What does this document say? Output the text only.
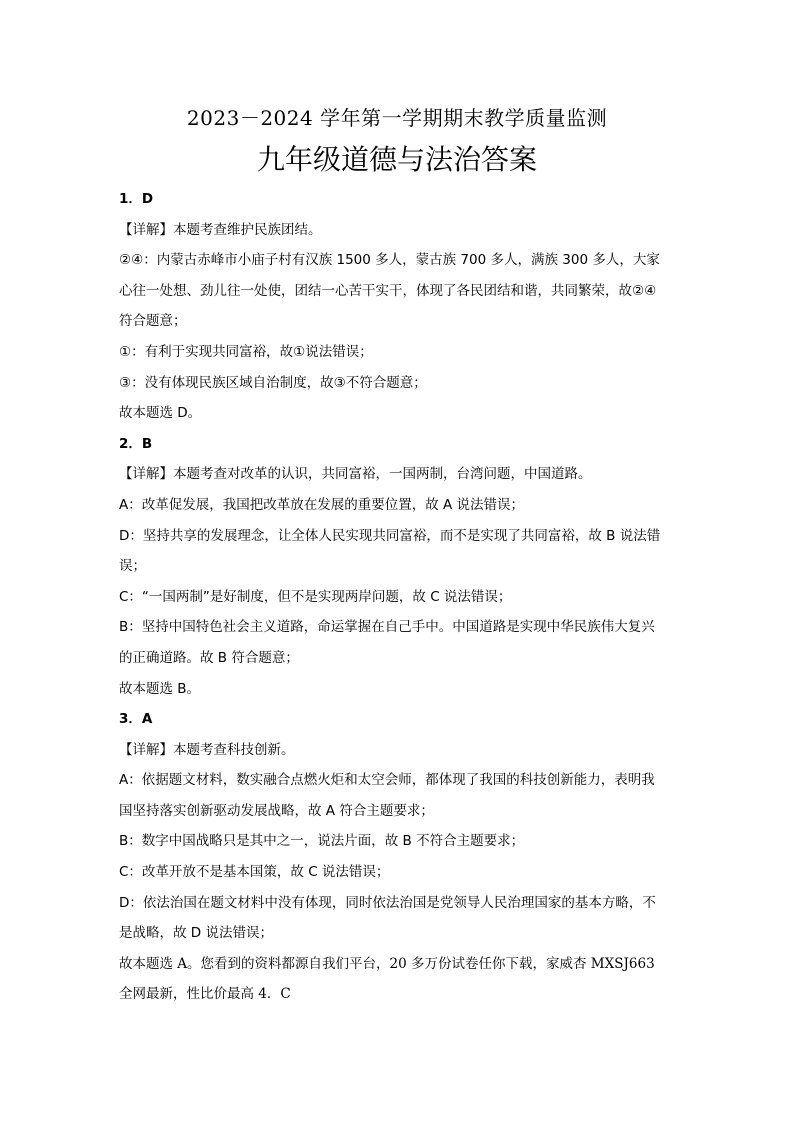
2023－2024 学年第一学期期末教学质量监测
九年级道德与法治答案
1．D
【详解】本题考查维护民族团结。
②④：内蒙古赤峰市小庙子村有汉族 1500 多人，蒙古族 700 多人，满族 300 多人，大家
心往一处想、劲儿往一处使，团结一心苦干实干，体现了各民团结和谐，共同繁荣，故②④
符合题意；
①：有利于实现共同富裕，故①说法错误；
③：没有体现民族区域自治制度，故③不符合题意；
故本题选 D。
2．B
【详解】本题考查对改革的认识，共同富裕，一国两制，台湾问题，中国道路。
A：改革促发展，我国把改革放在发展的重要位置，故 A 说法错误；
D：坚持共享的发展理念，让全体人民实现共同富裕，而不是实现了共同富裕，故 B 说法错
误；
C：“一国两制”是好制度，但不是实现两岸问题，故 C 说法错误；
B：坚持中国特色社会主义道路，命运掌握在自己手中。中国道路是实现中华民族伟大复兴
的正确道路。故 B 符合题意；
故本题选 B。
3．A
【详解】本题考查科技创新。
A：依据题文材料，数实融合点燃火炬和太空会师，都体现了我国的科技创新能力，表明我
国坚持落实创新驱动发展战略，故 A 符合主题要求；
B：数字中国战略只是其中之一，说法片面，故 B 不符合主题要求；
C：改革开放不是基本国策，故 C 说法错误；
D：依法治国在题文材料中没有体现，同时依法治国是党领导人民治理国家的基本方略，不
是战略，故 D 说法错误；
故本题选 A。您看到的资料都源自我们平台，20 多万份试卷任你下载，家威杏 MXSJ663
全网最新，性比价最高 4．C
